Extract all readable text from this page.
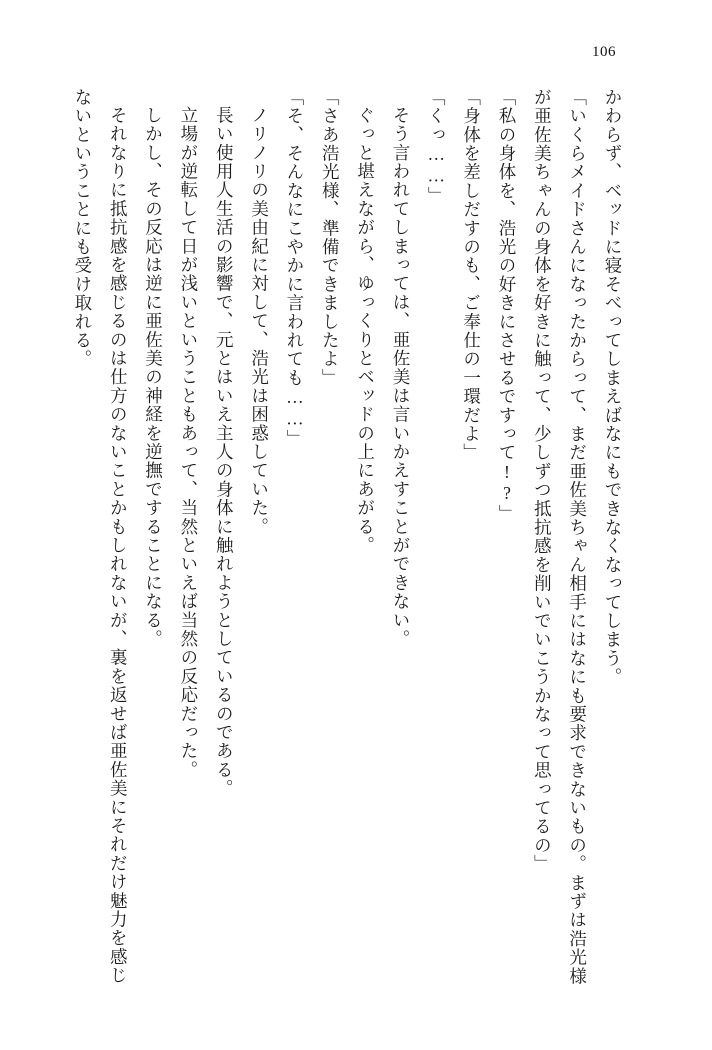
106

かわらず、ベッドに寝そべってしまえばなにもできなくなってしまう。

「いくらメイドさんになったからって、まだ亜佐美ちゃん相手にはなにも要求できないもの。まずは浩光様が亜佐美ちゃんの身体を好きに触って、少しずつ抵抗感を削いでいこうかなって思ってるの」

「私の身体を、浩光の好きにさせるですって!?」

「身体を差しだすのも、ご奉仕の一環だよ」

「くっ……」

そう言われてしまっては、亜佐美は言いかえすことができない。

ぐっと堪えながら、ゆっくりとベッドの上にあがる。

「さあ浩光様、準備できましたよ」

「そ、そんなにこやかに言われても……」

ノリノリの美由紀に対して、浩光は困惑していた。

長い使用人生活の影響で、元とはいえ主人の身体に触れようとしているのである。

立場が逆転して日が浅いということもあって、当然といえば当然の反応だった。

しかし、その反応は逆に亜佐美の神経を逆撫ですることになる。

それなりに抵抗感を感じるのは仕方のないことかもしれないが、裏を返せば亜佐美にそれだけ魅力を感じないということにも受け取れる。
